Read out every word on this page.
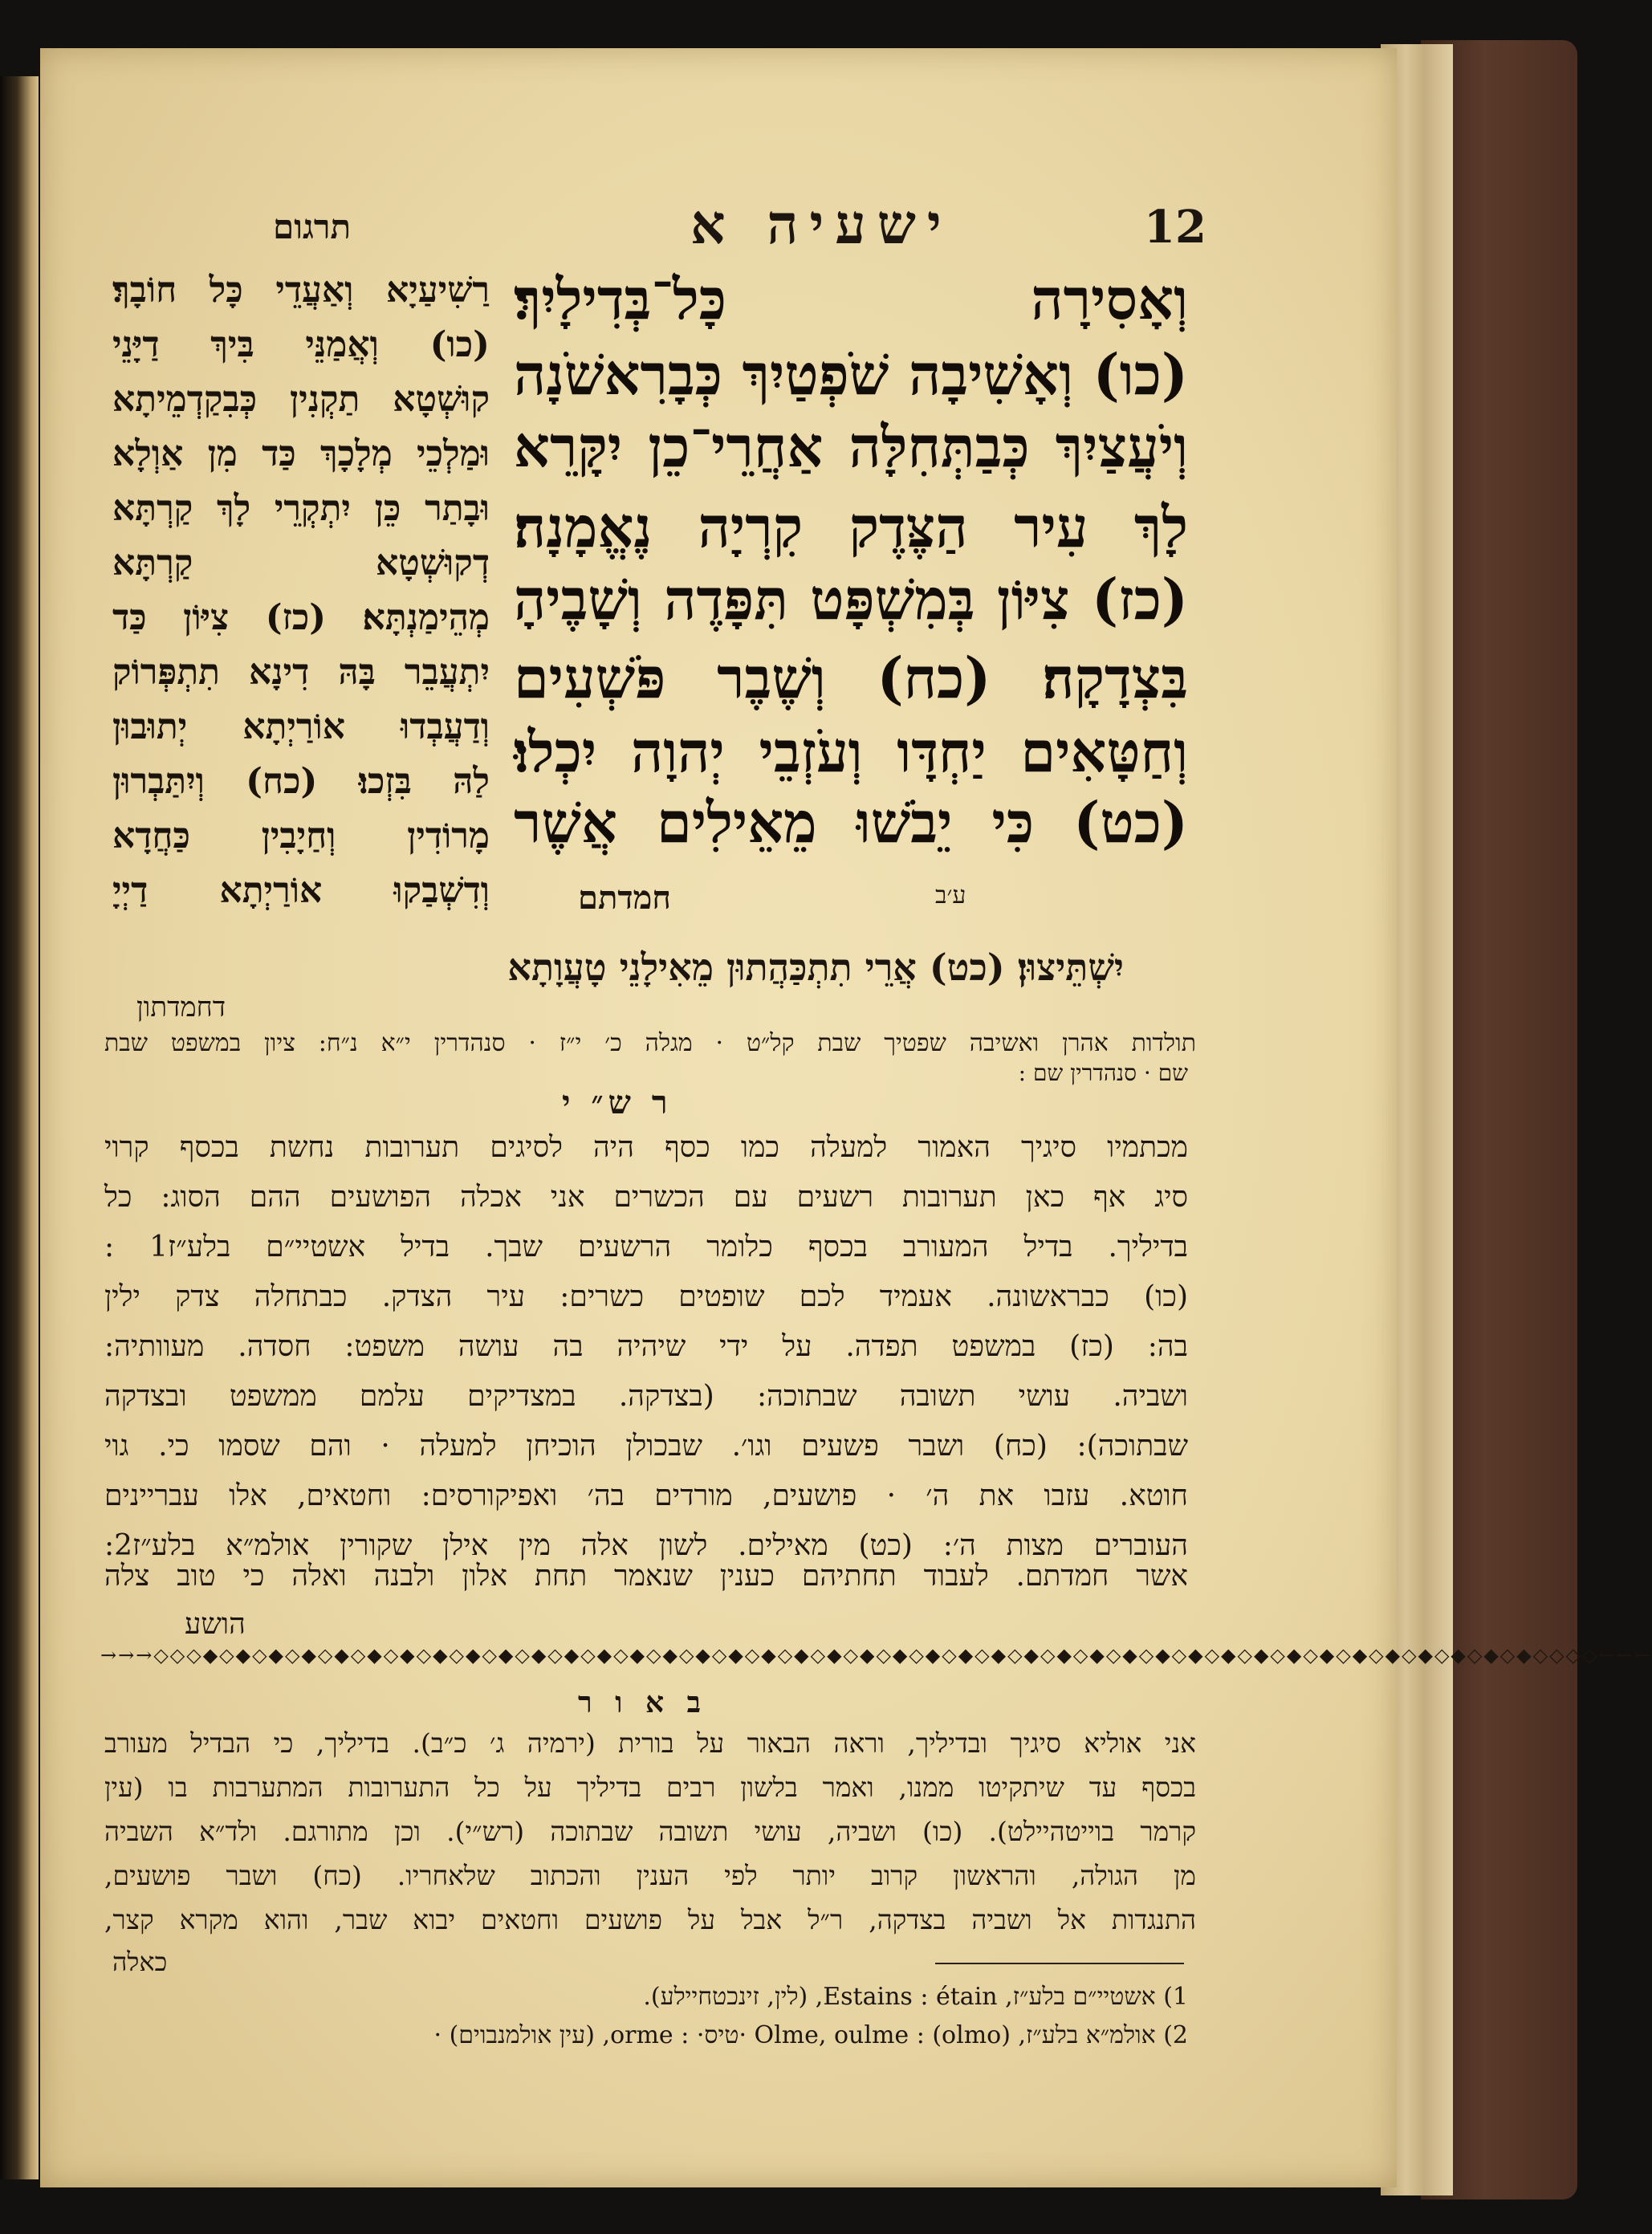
12
ישעיה א
תרגום
וְאָסִירָה כָּל־בְּדִילָיִךְ׃
(כו) וְאָשִׁיבָה שֹׁפְטַיִךְ כְּבָרִאשֹׁנָה
וְיֹעֲצַיִךְ כְּבַתְּחִלָּה אַחֲרֵי־כֵן יִקָּרֵא
לָךְ עִיר הַצֶּדֶק קִרְיָה נֶאֱמָנָה׃
(כז) צִיּוֹן בְּמִשְׁפָּט תִּפָּדֶה וְשָׁבֶיהָ
בִּצְדָקָה׃ (כח) וְשֶׁבֶר פֹּשְׁעִים
וְחַטָּאִים יַחְדָּו וְעֹזְבֵי יְהוָה יִכְלוּ׃
(כט) כִּי יֵבֹשׁוּ מֵאֵילִים אֲשֶׁר
חמדתם	ע׳ב
רַשִׁיעַיָא וְאַעֲדֵי כָּל חוֹבָךְ׃
(כו) וְאֲמַנֵּי בִּיךְ דַיָּנֵי
קוּשְׁטָא תַקְנִין כְּבִקַדְמֵיתָא
וּמַלְכֵי מְלָכָךְ כַּד מִן אַוְלָא
וּבָתַר כֵּן יִתְקְרֵי לָךְ קַרְתָּא
דְקוּשְׁטָא קַרְתָּא
מְהֵימַנְתָּא׃ (כז) צִיּוֹן כַּד
יִתְעֲבֵר בָּהּ דִינָא תִתְפְּרוֹק
וְדַעֲבְדוּ אוֹרַיְתָא יְתוּבוּן
לַהּ בִּזְכוּ׃ (כח) וְיִתַּבְרוּן
מָרוֹדִין וְחַיָבִין כַּחֲדָא
וְדִשְׁבַקוּ אוֹרַיְתָא דַיְיָ
יִשְׁתֵּיצוּן׃ (כט) אֲרֵי תִתְכַּהֲתוּן מֵאִילָנֵי טָעֲוָתָא
דחמדתון
תולדות אהרן ואשיבה שפטיך שבת קל״ט · מגלה כ׳ י״ז · סנהדרין י״א נ״ח: ציון במשפט שבת
שם · סנהדרין שם :
ר ש״ י
מכתמיו סיגיך האמור למעלה כמו כסף היה לסיגים תערובות נחשת בכסף קרוי
סיג אף כאן תערובות רשעים עם הכשרים אני אכלה הפושעים ההם הסוג: כל
בדיליך. בדיל המעורב בכסף כלומר הרשעים שבך. בדיל אשטיי״ם בלע״ז1 :
(כו) כבראשונה. אעמיד לכם שופטים כשרים: עיר הצדק. כבתחלה צדק ילין
בה: (כז) במשפט תפדה. על ידי שיהיה בה עושה משפט: חסדה. מעוותיה:
ושביה. עושי תשובה שבתוכה: (בצדקה. במצדיקים עלמם ממשפט ובצדקה
שבתוכה): (כח) ושבר פשעים וגו׳. שבכולן הוכיחן למעלה · והם שסמו כי. גוי
חוטא. עזבו את ה׳ · פושעים, מורדים בה׳ ואפיקורסים: וחטאים, אלו עבריינים
העוברים מצות ה׳: (כט) מאילים. לשון אלה מין אילן שקורין אולמ״א בלע״ז2:
אשר חמדתם. לעבוד תחתיהם כענין שנאמר תחת אלון ולבנה ואלה כי טוב צלה
הושע
→→→◇◇◇◆◇◆◇◆◇◆◇◆◇◆◇◆◇◆◇◆◇◆◇◆◇◆◇◆◇◆◇◆◇◆◇◆◇◆◇◆◇◆◇◆◇◆◇◆◇◆◇◆◇◆◇◆◇◆◇◆◇◆◇◆◇◆◇◆◇◆◇◆◇◆◇◆◇◆◇◆◇◆◇◆◇◇◇◇←←←
ב א ו ר
אני אוליא סיגיך ובדיליך, וראה הבאור על בורית (ירמיה ג׳ כ״ב). בדיליך, כי הבדיל מעורב
בכסף עד שיתקיטו ממנו, ואמר בלשון רבים בדיליך על כל התערובות המתערבות בו (עין
קרמר בוייטהיילט). (כו) ושביה, עושי תשובה שבתוכה (רש״י). וכן מתורגם. ולד״א השביה
מן הגולה, והראשון קרוב יותר לפי הענין והכתוב שלאחריו. (כח) ושבר פושעים,
התנגדות אל ושביה בצדקה, ר״ל אבל על פושעים וחטאים יבוא שבר, והוא מקרא קצר,
כאלה
1) אשטיי״ם בלע״ז, Estains : étain, (לין, זינכטחיילע).
2) אולמ״א בלע״ז, Olme, oulme : (olmo) ·טיס· : orme, (עין אולמנבוים) ·
